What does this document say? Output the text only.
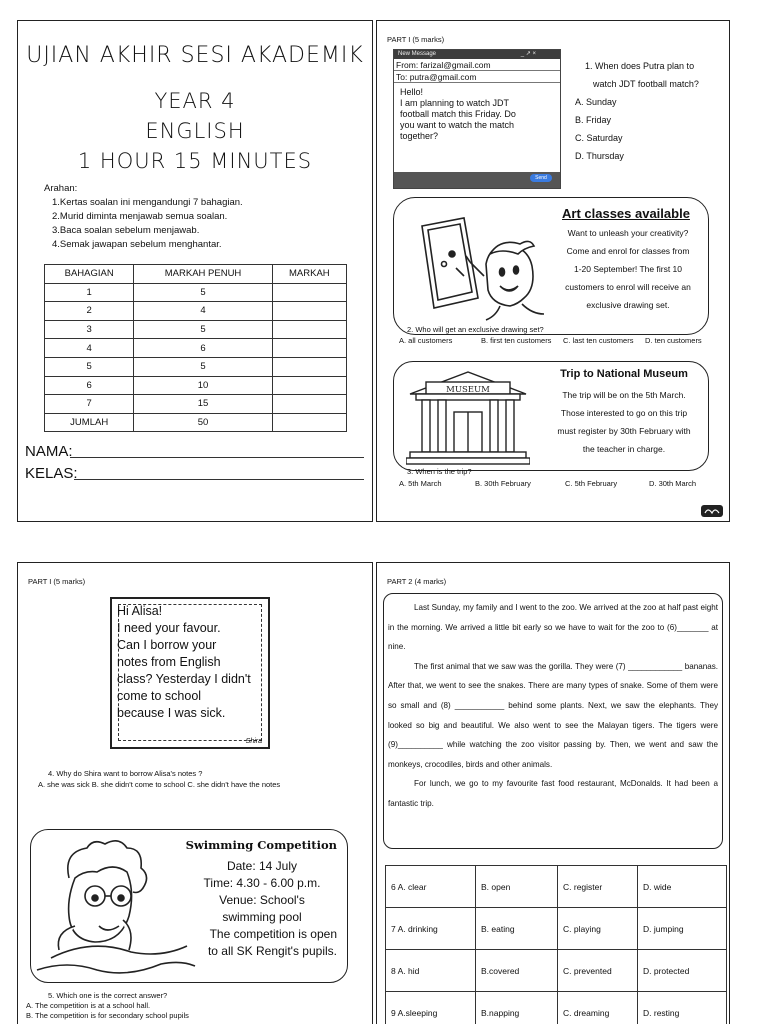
UJIAN AKHIR SESI AKADEMIK
YEAR 4
ENGLISH
1 HOUR 15 MINUTES
Arahan:
1.Kertas soalan ini mengandungi 7 bahagian.
2.Murid diminta menjawab semua soalan.
3.Baca soalan sebelum menjawab.
4.Semak jawapan sebelum menghantar.
BAHAGIAN	MARKAH PENUH	MARKAH
1	5	
2	4	
3	5	
4	6	
5	5	
6	10	
7	15	
JUMLAH	50	
NAMA:
KELAS:
PART I (5 marks)
New Message	_ ↗ ×
From: farizal@gmail.com
To: putra@gmail.com
Hello!
I am planning to watch JDT
football match this Friday. Do
you want to watch the match
together?
Send
1. When does Putra plan to
watch JDT football match?
A. Sunday
B. Friday
C. Saturday
D. Thursday
Art classes available
Want to unleash your creativity?
Come and enrol for classes from
1-20 September! The first 10
customers to enrol will receive an
exclusive drawing set.
2. Who will get an exclusive drawing set?
A. all customers	B. first ten customers C. last ten customers D. ten customers
MUSEUM
Trip to National Museum
The trip will be on the 5th March.
Those interested to go on this trip
must register by 30th February with
the teacher in charge.
3. When is the trip?
A. 5th March	B. 30th February	C. 5th February	D. 30th March
PART I (5 marks)
Hi Alisa!
I need your favour.
Can I borrow your
notes from English
class? Yesterday I didn't
come to school
because I was sick.
Shira
4. Why do Shira want to borrow Alisa's notes ?
A. she was sick B. she didn't come to school C. she didn't have the notes
Swimming Competition
Date: 14 July
Time: 4.30 - 6.00 p.m.
Venue: School's
swimming pool
The competition is open
to all SK Rengit's pupils.
5. Which one is the correct answer?
A. The competition is at a school hall.
B. The competition is for secondary school pupils
PART 2 (4 marks)

Last Sunday, my family and I went to the zoo. We arrived at the zoo at half past eight in the morning. We arrived a little bit early so we have to wait for the zoo to (6)_______ at nine.

The first animal that we saw was the gorilla. They were (7) ____________ bananas. After that, we went to see the snakes. There are many types of snake. Some of them were so small and (8) ___________ behind some plants. Next, we saw the elephants. They looked so big and beautiful. We also went to see the Malayan tigers. The tigers were (9)__________ while watching the zoo visitor passing by. Then, we went and saw the monkeys, crocodiles, birds and other animals.

For lunch, we go to my favourite fast food restaurant, McDonalds. It had been a fantastic trip.

6 A. clear	B. open	C. register	D. wide
7 A. drinking	B. eating	C. playing	D. jumping
8 A. hid	B.covered	C. prevented	D. protected
9 A.sleeping	B.napping	C. dreaming	D. resting
